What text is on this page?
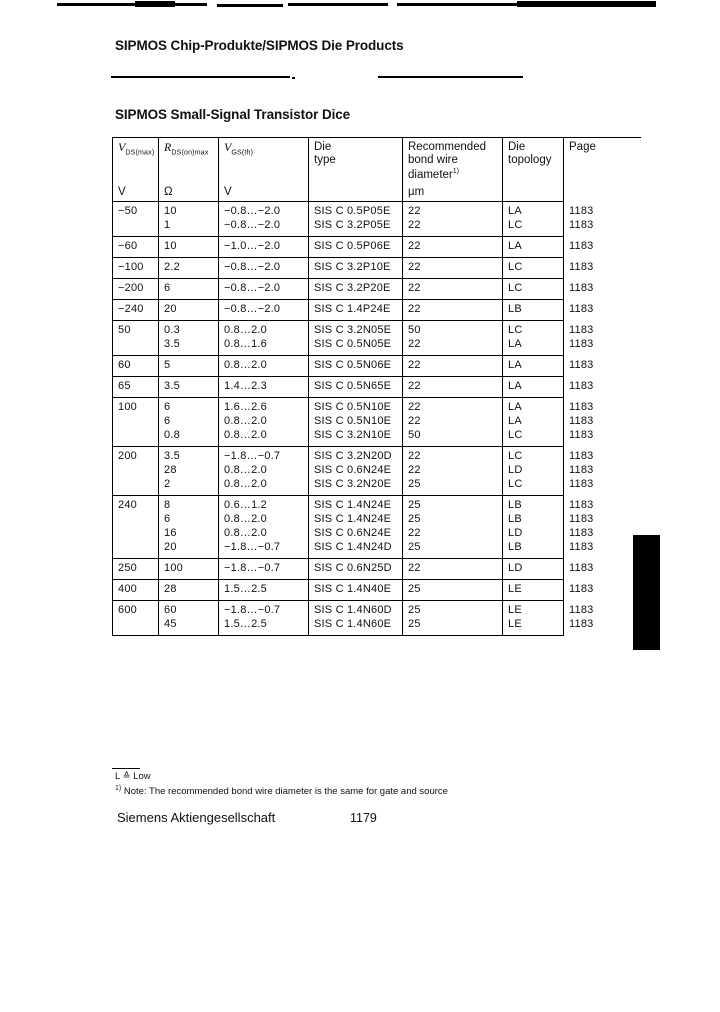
SIPMOS Chip-Produkte/SIPMOS Die Products
SIPMOS Small-Signal Transistor Dice
$V_{DS(max)}$
V

$R_{DS(on)max}$
Ω

$V_{GS(th)}$
V

Die
type

Recommended
bond wire
diameter$^{1)}$
µm

Die
topology

Page

−50	10	−0.8…−2.0	SIS C 0.5P05E	22	LA	1183
	1	−0.8…−2.0	SIS C 3.2P05E	22	LC	1183
−60	10	−1.0…−2.0	SIS C 0.5P06E	22	LA	1183
−100	2.2	−0.8…−2.0	SIS C 3.2P10E	22	LC	1183
−200	6	−0.8…−2.0	SIS C 3.2P20E	22	LC	1183
−240	20	−0.8…−2.0	SIS C 1.4P24E	22	LB	1183
50	0.3	0.8…2.0	SIS C 3.2N05E	50	LC	1183
	3.5	0.8…1.6	SIS C 0.5N05E	22	LA	1183
60	5	0.8…2.0	SIS C 0.5N06E	22	LA	1183
65	3.5	1.4…2.3	SIS C 0.5N65E	22	LA	1183
100	6	1.6…2.6	SIS C 0.5N10E	22	LA	1183
	6	0.8…2.0	SIS C 0.5N10E	22	LA	1183
	0.8	0.8…2.0	SIS C 3.2N10E	50	LC	1183
200	3.5	−1.8…−0.7	SIS C 3.2N20D	22	LC	1183
	28	0.8…2.0	SIS C 0.6N24E	22	LD	1183
	2	0.8…2.0	SIS C 3.2N20E	25	LC	1183
240	8	0.6…1.2	SIS C 1.4N24E	25	LB	1183
	6	0.8…2.0	SIS C 1.4N24E	25	LB	1183
	16	0.8…2.0	SIS C 0.6N24E	22	LD	1183
	20	−1.8…−0.7	SIS C 1.4N24D	25	LB	1183
250	100	−1.8…−0.7	SIS C 0.6N25D	22	LD	1183
400	28	1.5…2.5	SIS C 1.4N40E	25	LE	1183
600	60	−1.8…−0.7	SIS C 1.4N60D	25	LE	1183
	45	1.5…2.5	SIS C 1.4N60E	25	LE	1183
L ≙ Low
$^{1)}$ Note: The recommended bond wire diameter is the same for gate and source
Siemens Aktiengesellschaft	1179
